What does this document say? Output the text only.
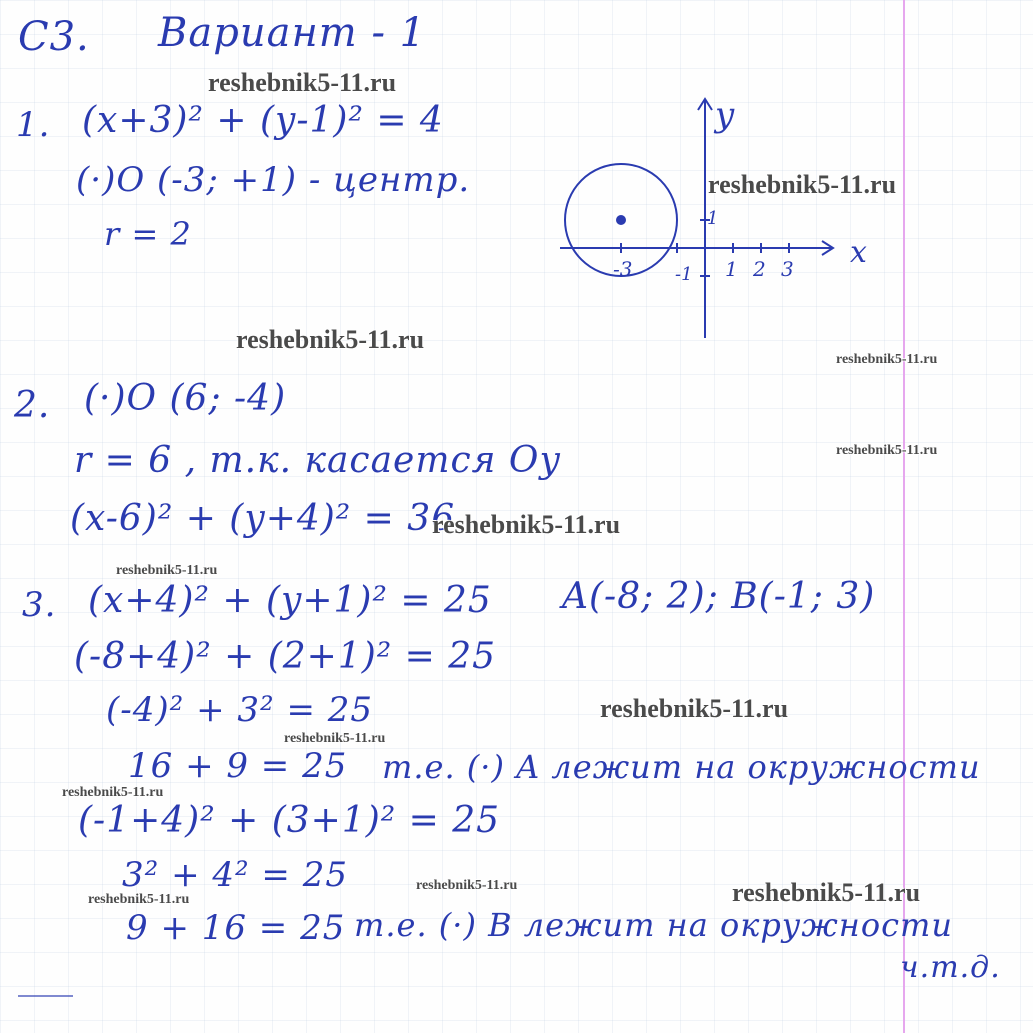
С3. Вариант - 1
1. (x+3)² + (y-1)² = 4
(·)O (-3; +1) - центр.
r = 2
-3	1 2 3
1
-1
y
x
2. (·)O (6; -4)
r = 6 , т.к. касается Oy
(x-6)² + (y+4)² = 36
3. (x+4)² + (y+1)² = 25 A(-8; 2); B(-1; 3)
(-8+4)² + (2+1)² = 25
(-4)² + 3² = 25
16 + 9 = 25 т.е. (·) A лежит на окружности
(-1+4)² + (3+1)² = 25
3² + 4² = 25
9 + 16 = 25 т.е. (·) B лежит на окружности
ч.т.д.
reshebnik5-11.ru
reshebnik5-11.ru
reshebnik5-11.ru
reshebnik5-11.ru
reshebnik5-11.ru
reshebnik5-11.ru
reshebnik5-11.ru
reshebnik5-11.ru
reshebnik5-11.ru
reshebnik5-11.ru
reshebnik5-11.ru	reshebnik5-11.ru
reshebnik5-11.ru
